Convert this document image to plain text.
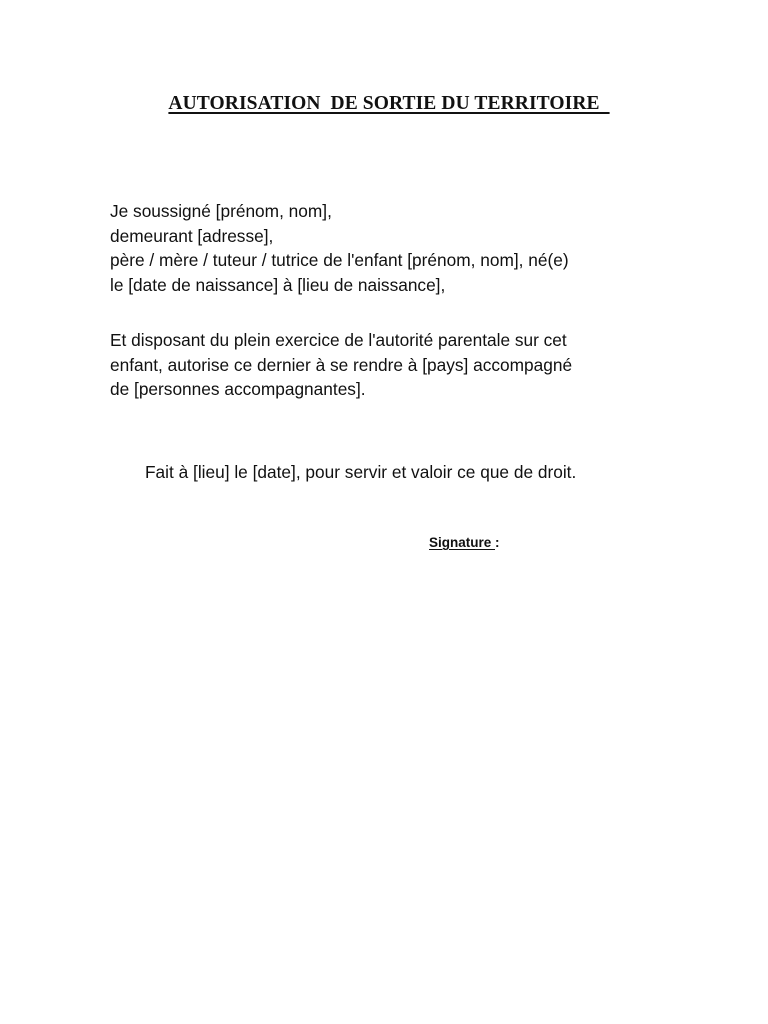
AUTORISATION  DE SORTIE DU TERRITOIRE
Je soussigné [prénom, nom],
demeurant [adresse],
père / mère / tuteur / tutrice de l'enfant [prénom, nom], né(e)
le [date de naissance] à [lieu de naissance],
Et disposant du plein exercice de l'autorité parentale sur cet
enfant, autorise ce dernier à se rendre à [pays] accompagné
de [personnes accompagnantes].
Fait à [lieu] le [date], pour servir et valoir ce que de droit.
Signature :
